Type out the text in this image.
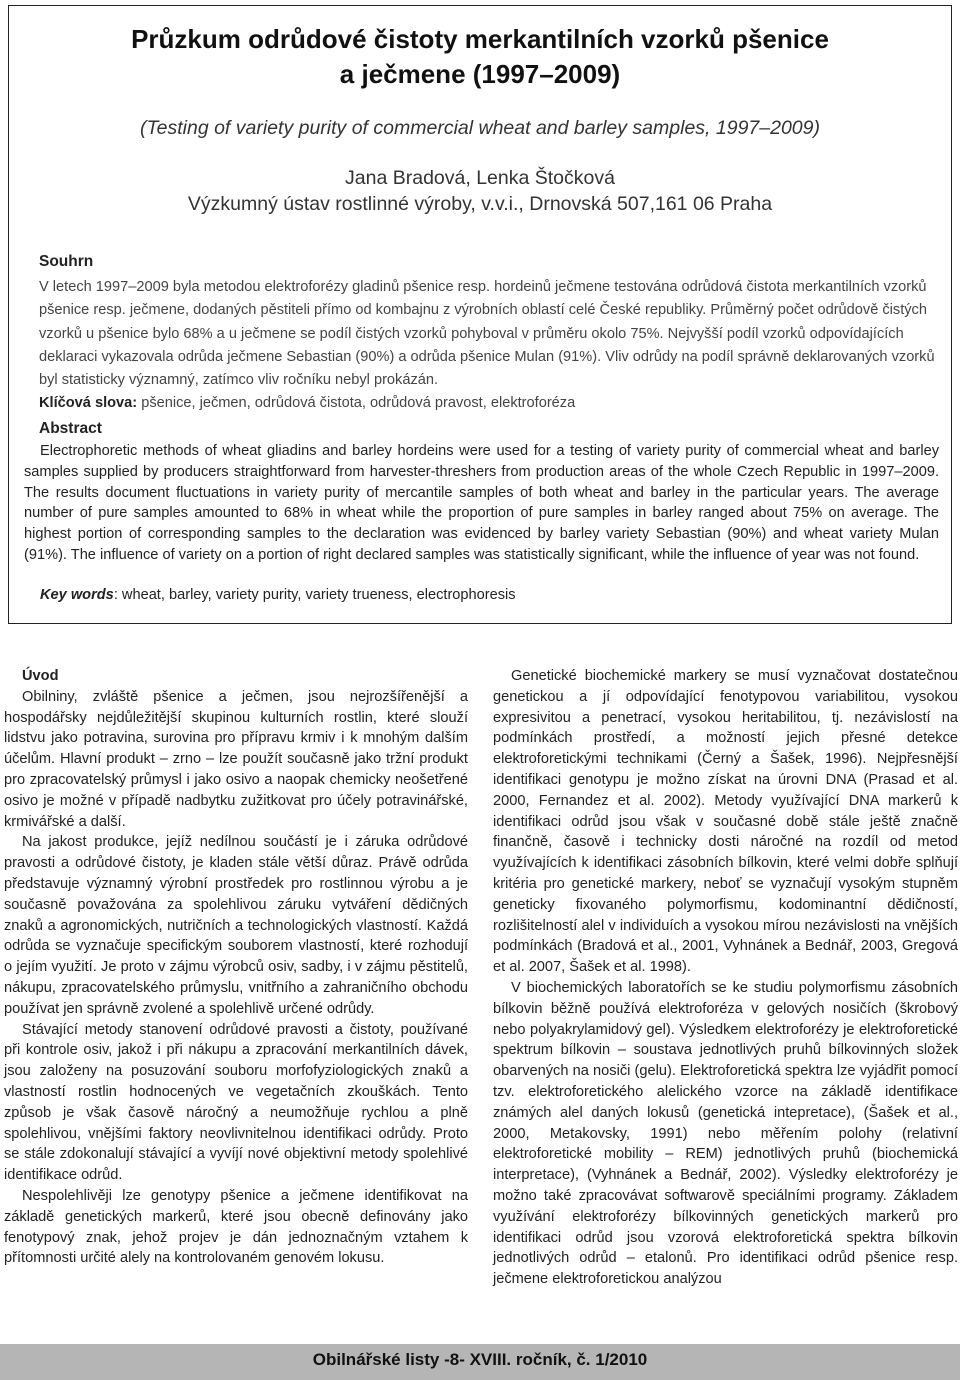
Průzkum odrůdové čistoty merkantilních vzorků pšenice
a ječmene (1997–2009)

(Testing of variety purity of commercial wheat and barley samples, 1997–2009)

Jana Bradová, Lenka Štočková
Výzkumný ústav rostlinné výroby, v.v.i., Drnovská 507,161 06 Praha
Souhrn

V letech 1997–2009 byla metodou elektroforézy gladinů pšenice resp. hordeinů ječmene testována odrůdová čistota merkantilních vzorků pšenice resp. ječmene, dodaných pěstiteli přímo od kombajnu z výrobních oblastí celé České republiky. Průměrný počet odrůdově čistých vzorků u pšenice bylo 68% a u ječmene se podíl čistých vzorků pohyboval v průměru okolo 75%. Nejvyšší podíl vzorků odpovídajících deklaraci vykazovala odrůda ječmene Sebastian (90%) a odrůda pšenice Mulan (91%). Vliv odrůdy na podíl správně deklarovaných vzorků byl statisticky významný, zatímco vliv ročníku nebyl prokázán.

Klíčová slova: pšenice, ječmen, odrůdová čistota, odrůdová pravost, elektroforéza

Abstract

Electrophoretic methods of wheat gliadins and barley hordeins were used for a testing of variety purity of commercial wheat and barley samples supplied by producers straightforward from harvester-threshers from production areas of the whole Czech Republic in 1997–2009. The results document fluctuations in variety purity of mercantile samples of both wheat and barley in the particular years. The average number of pure samples amounted to 68% in wheat while the proportion of pure samples in barley ranged about 75% on average. The highest portion of corresponding samples to the declaration was evidenced by barley variety Sebastian (90%) and wheat variety Mulan (91%). The influence of variety on a portion of right declared samples was statistically significant, while the influence of year was not found.

Key words: wheat, barley, variety purity, variety trueness, electrophoresis

Úvod

Obilniny, zvláště pšenice a ječmen, jsou nejrozšířenější a hospodářsky nejdůležitější skupinou kulturních rostlin, které slouží lidstvu jako potravina, surovina pro přípravu krmiv i k mnohým dalším účelům. Hlavní produkt – zrno – lze použít současně jako tržní produkt pro zpracovatelský průmysl i jako osivo a naopak chemicky neošetřené osivo je možné v případě nadbytku zužitkovat pro účely potravinářské, krmivářské a další.

Na jakost produkce, jejíž nedílnou součástí je i záruka odrůdové pravosti a odrůdové čistoty, je kladen stále větší důraz. Právě odrůda představuje významný výrobní prostředek pro rostlinnou výrobu a je současně považována za spolehlivou záruku vytváření dědičných znaků a agronomických, nutričních a technologických vlastností. Každá odrůda se vyznačuje specifickým souborem vlastností, které rozhodují o jejím využití. Je proto v zájmu výrobců osiv, sadby, i v zájmu pěstitelů, nákupu, zpracovatelského průmyslu, vnitřního a zahraničního obchodu používat jen správně zvolené a spolehlivě určené odrůdy.

Stávající metody stanovení odrůdové pravosti a čistoty, používané při kontrole osiv, jakož i při nákupu a zpracování merkantilních dávek, jsou založeny na posuzování souboru morfofyziologických znaků a vlastností rostlin hodnocených ve vegetačních zkouškách. Tento způsob je však časově náročný a neumožňuje rychlou a plně spolehlivou, vnějšími faktory neovlivnitelnou identifikaci odrůdy. Proto se stále zdokonalují stávající a vyvíjí nové objektivní metody spolehlivé identifikace odrůd.

Nespolehlivěji lze genotypy pšenice a ječmene identifikovat na základě genetických markerů, které jsou obecně definovány jako fenotypový znak, jehož projev je dán jednoznačným vztahem k přítomnosti určité alely na kontrolovaném genovém lokusu.

Genetické biochemické markery se musí vyznačovat dostatečnou genetickou a jí odpovídající fenotypovou variabilitou, vysokou expresivitou a penetrací, vysokou heritabilitou, tj. nezávislostí na podmínkách prostředí, a možností jejich přesné detekce elektroforetickými technikami (Černý a Šašek, 1996). Nejpřesnější identifikaci genotypu je možno získat na úrovni DNA (Prasad et al. 2000, Fernandez et al. 2002). Metody využívající DNA markerů k identifikaci odrůd jsou však v současné době stále ještě značně finančně, časově i technicky dosti náročné na rozdíl od metod využívajících k identifikaci zásobních bílkovin, které velmi dobře splňují kritéria pro genetické markery, neboť se vyznačují vysokým stupněm geneticky fixovaného polymorfismu, kodominantní dědičností, rozlišitelností alel v individuích a vysokou mírou nezávislosti na vnějších podmínkách (Bradová et al., 2001, Vyhnánek a Bednář, 2003, Gregová et al. 2007, Šašek et al. 1998).

V biochemických laboratořích se ke studiu polymorfismu zásobních bílkovin běžně používá elektroforéza v gelových nosičích (škrobový nebo polyakrylamidový gel). Výsledkem elektroforézy je elektroforetické spektrum bílkovin – soustava jednotlivých pruhů bílkovinných složek obarvených na nosiči (gelu). Elektroforetická spektra lze vyjádřit pomocí tzv. elektroforetického alelického vzorce na základě identifikace známých alel daných lokusů (genetická intepretace), (Šašek et al., 2000, Metakovsky, 1991) nebo měřením polohy (relativní elektroforetické mobility – REM) jednotlivých pruhů (biochemická interpretace), (Vyhnánek a Bednář, 2002). Výsledky elektroforézy je možno také zpracovávat softwarově speciálními programy. Základem využívání elektroforézy bílkovinných genetických markerů pro identifikaci odrůd jsou vzorová elektroforetická spektra bílkovin jednotlivých odrůd – etalonů. Pro identifikaci odrůd pšenice resp. ječmene elektroforetickou analýzou

Obilnářské listy -8- XVIII. ročník, č. 1/2010
